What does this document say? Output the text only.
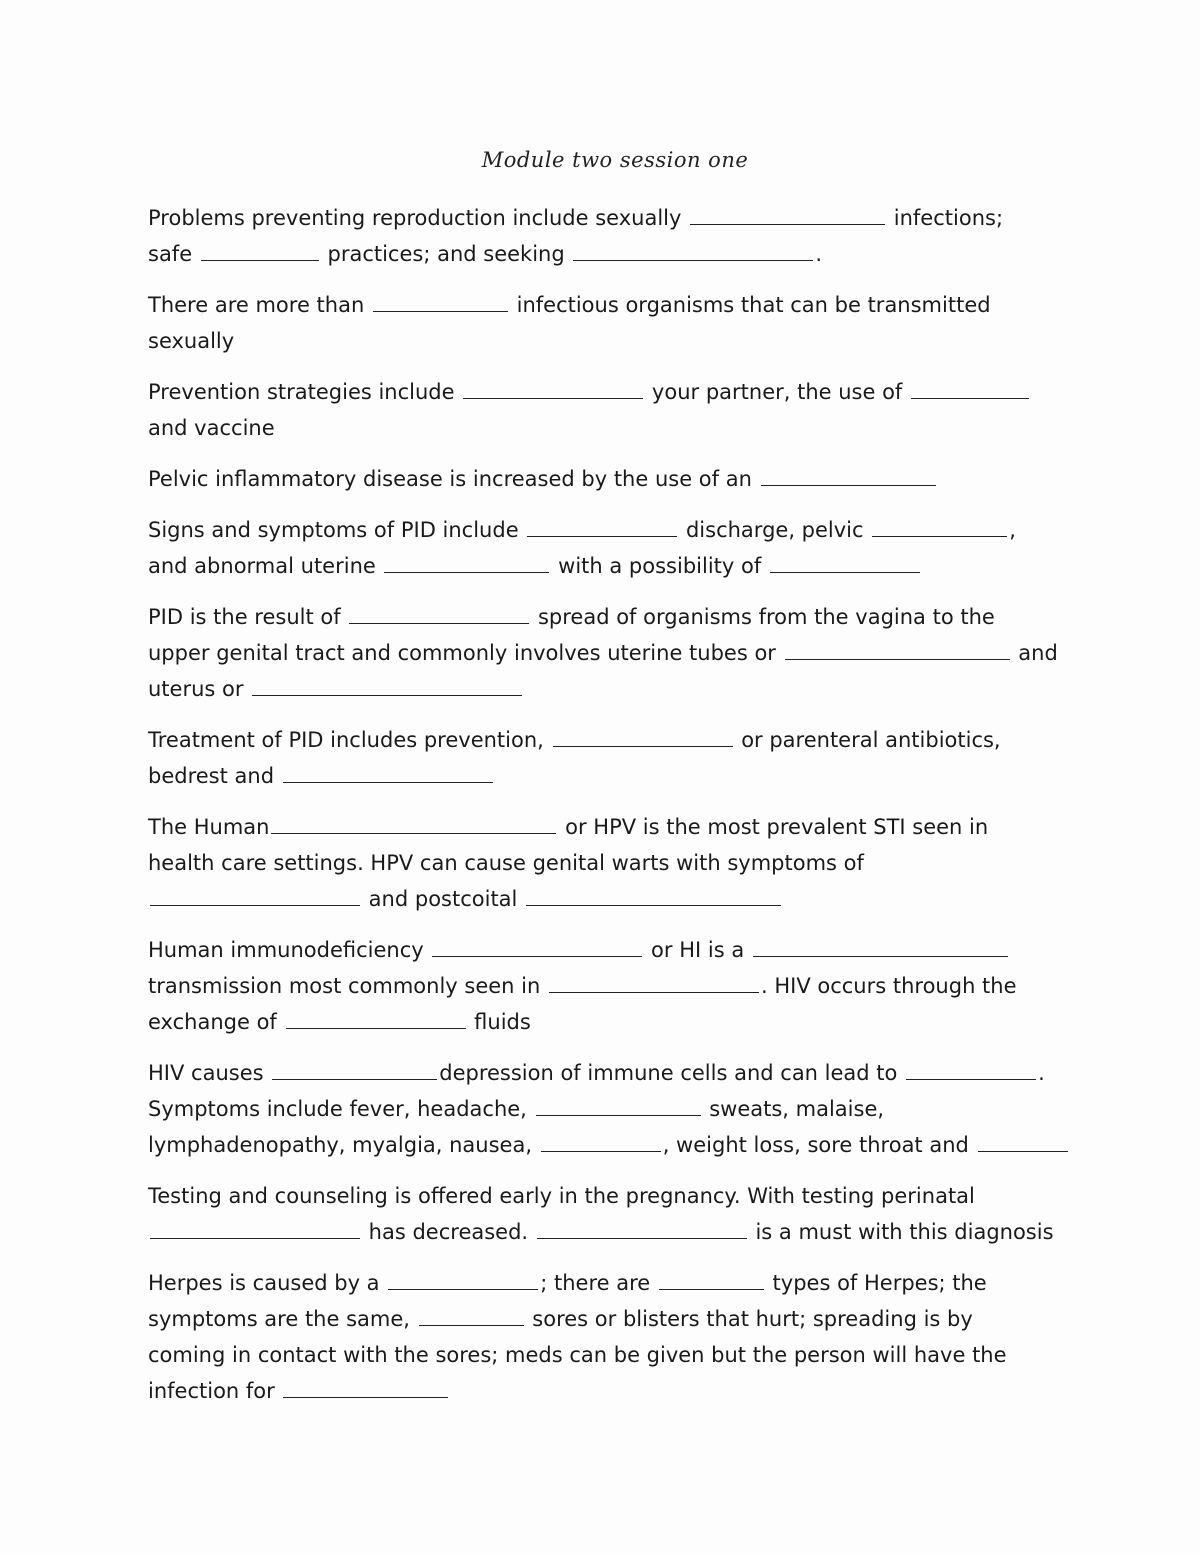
Module two session one
Problems preventing reproduction include sexually	infections;
safe	practices; and seeking	.
There are more than	infectious organisms that can be transmitted
sexually
Prevention strategies include	your partner, the use of
and vaccine
Pelvic inflammatory disease is increased by the use of an
Signs and symptoms of PID include	discharge, pelvic	,
and abnormal uterine	with a possibility of
PID is the result of	spread of organisms from the vagina to the
upper genital tract and commonly involves uterine tubes or	and
uterus or
Treatment of PID includes prevention,	or parenteral antibiotics,
bedrest and
The Human	or HPV is the most prevalent STI seen in
health care settings. HPV can cause genital warts with symptoms of
and postcoital
Human immunodeficiency	or HI is a
transmission most commonly seen in	. HIV occurs through the
exchange of	fluids
HIV causes	depression of immune cells and can lead to	.
Symptoms include fever, headache,	sweats, malaise,
lymphadenopathy, myalgia, nausea,	, weight loss, sore throat and
Testing and counseling is offered early in the pregnancy. With testing perinatal
has decreased.	is a must with this diagnosis
Herpes is caused by a	; there are	types of Herpes; the
symptoms are the same,	sores or blisters that hurt; spreading is by
coming in contact with the sores; meds can be given but the person will have the
infection for
